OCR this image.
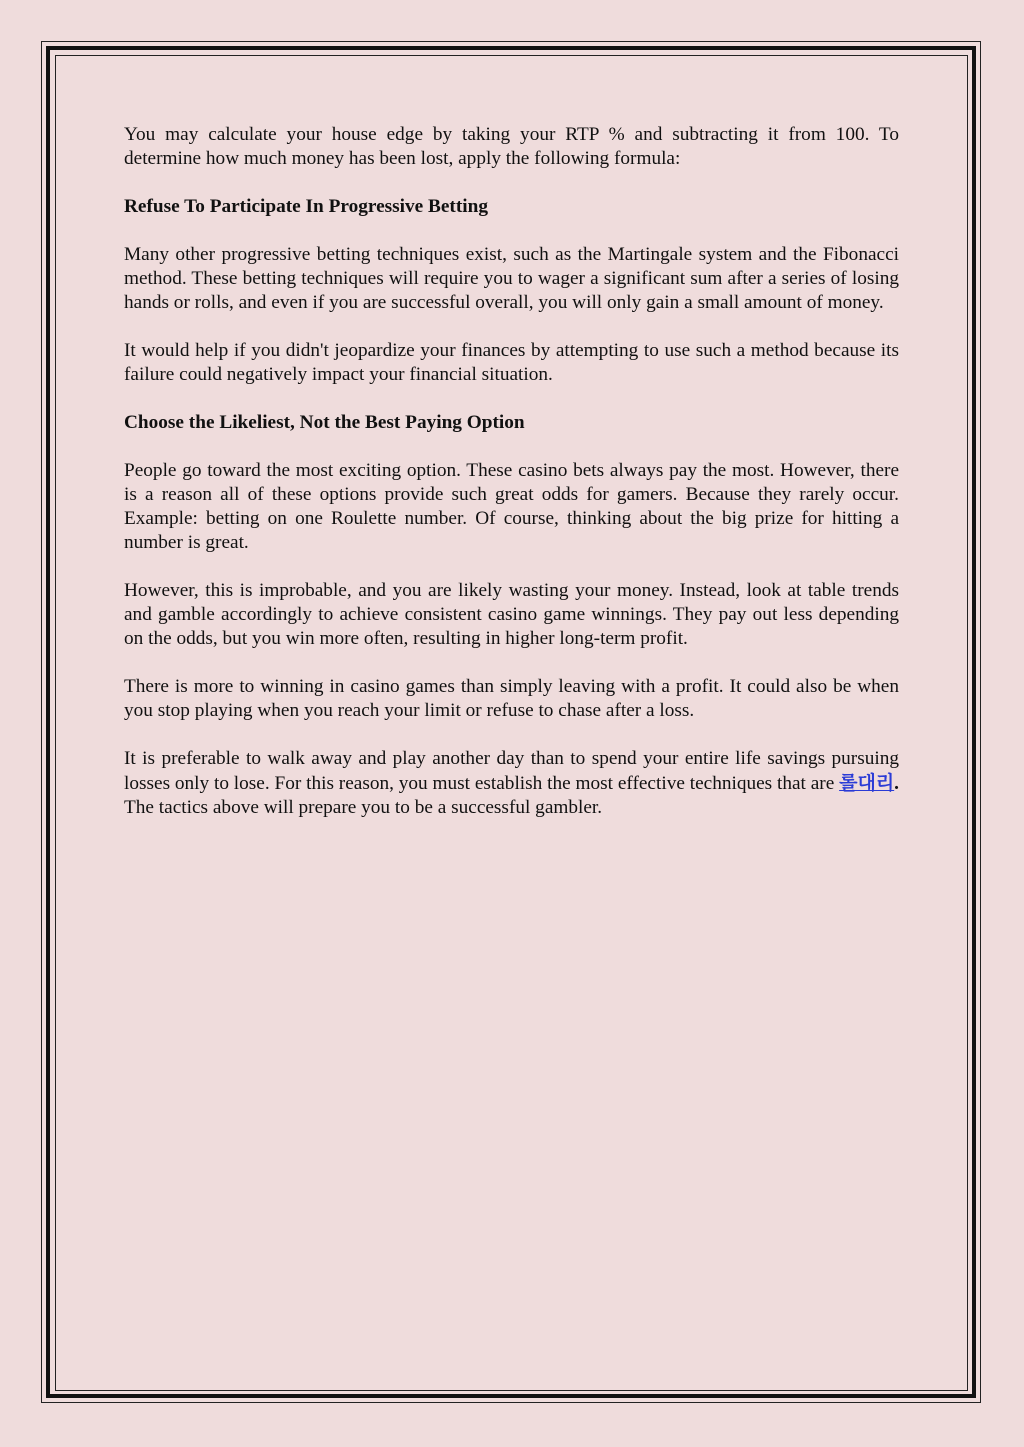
You may calculate your house edge by taking your RTP % and subtracting it from 100. To determine how much money has been lost, apply the following formula:

Refuse To Participate In Progressive Betting

Many other progressive betting techniques exist, such as the Martingale system and the Fibonacci method. These betting techniques will require you to wager a significant sum after a series of losing hands or rolls, and even if you are successful overall, you will only gain a small amount of money.

It would help if you didn't jeopardize your finances by attempting to use such a method because its failure could negatively impact your financial situation.

Choose the Likeliest, Not the Best Paying Option

People go toward the most exciting option. These casino bets always pay the most. However, there is a reason all of these options provide such great odds for gamers. Because they rarely occur. Example: betting on one Roulette number. Of course, thinking about the big prize for hitting a number is great.

However, this is improbable, and you are likely wasting your money. Instead, look at table trends and gamble accordingly to achieve consistent casino game winnings. They pay out less depending on the odds, but you win more often, resulting in higher long-term profit.

There is more to winning in casino games than simply leaving with a profit. It could also be when you stop playing when you reach your limit or refuse to chase after a loss.

It is preferable to walk away and play another day than to spend your entire life savings pursuing losses only to lose. For this reason, you must establish the most effective techniques that are 롤대리. The tactics above will prepare you to be a successful gambler.
